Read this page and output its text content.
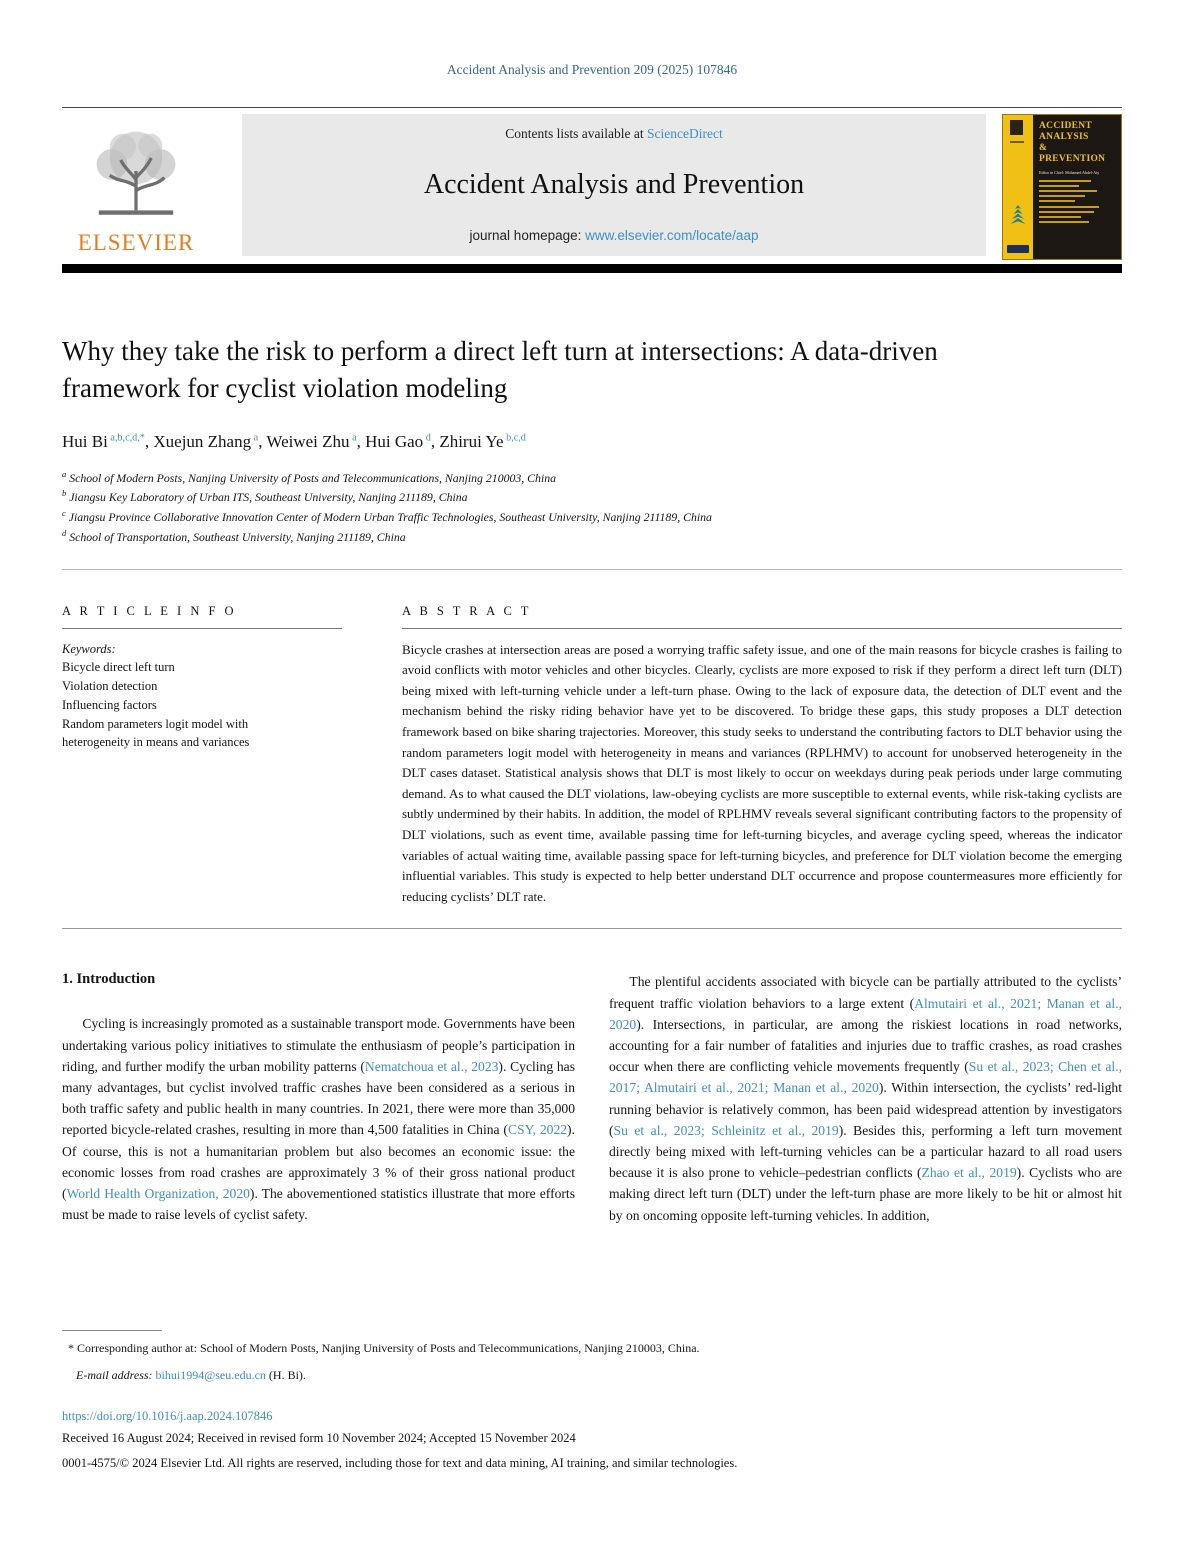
Accident Analysis and Prevention 209 (2025) 107846
ELSEVIER
Contents lists available at ScienceDirect
Accident Analysis and Prevention
journal homepage: www.elsevier.com/locate/aap
ACCIDENT
ANALYSIS
&
PREVENTION
Editor in Chief: Mohamed Abdel-Aty
Why they take the risk to perform a direct left turn at intersections: A data-driven framework for cyclist violation modeling
Hui Bi $^{a,b,c,d,*}$, Xuejun Zhang $^a$, Weiwei Zhu $^a$, Hui Gao $^d$, Zhirui Ye $^{b,c,d}$
$^a$ School of Modern Posts, Nanjing University of Posts and Telecommunications, Nanjing 210003, China
$^b$ Jiangsu Key Laboratory of Urban ITS, Southeast University, Nanjing 211189, China
$^c$ Jiangsu Province Collaborative Innovation Center of Modern Urban Traffic Technologies, Southeast University, Nanjing 211189, China
$^d$ School of Transportation, Southeast University, Nanjing 211189, China
A R T I C L E I N F O
Keywords:
Bicycle direct left turn
Violation detection
Influencing factors
Random parameters logit model with
heterogeneity in means and variances
A B S T R A C T
Bicycle crashes at intersection areas are posed a worrying traffic safety issue, and one of the main reasons for bicycle crashes is failing to avoid conflicts with motor vehicles and other bicycles. Clearly, cyclists are more exposed to risk if they perform a direct left turn (DLT) being mixed with left-turning vehicle under a left-turn phase. Owing to the lack of exposure data, the detection of DLT event and the mechanism behind the risky riding behavior have yet to be discovered. To bridge these gaps, this study proposes a DLT detection framework based on bike sharing trajectories. Moreover, this study seeks to understand the contributing factors to DLT behavior using the random parameters logit model with heterogeneity in means and variances (RPLHMV) to account for unobserved heterogeneity in the DLT cases dataset. Statistical analysis shows that DLT is most likely to occur on weekdays during peak periods under large commuting demand. As to what caused the DLT violations, law-obeying cyclists are more susceptible to external events, while risk-taking cyclists are subtly undermined by their habits. In addition, the model of RPLHMV reveals several significant contributing factors to the propensity of DLT violations, such as event time, available passing time for left-turning bicycles, and average cycling speed, whereas the indicator variables of actual waiting time, available passing space for left-turning bicycles, and preference for DLT violation become the emerging influential variables. This study is expected to help better understand DLT occurrence and propose countermeasures more efficiently for reducing cyclists’ DLT rate.
1. Introduction

Cycling is increasingly promoted as a sustainable transport mode. Governments have been undertaking various policy initiatives to stimulate the enthusiasm of people’s participation in riding, and further modify the urban mobility patterns (Nematchoua et al., 2023). Cycling has many advantages, but cyclist involved traffic crashes have been considered as a serious in both traffic safety and public health in many countries. In 2021, there were more than 35,000 reported bicycle-related crashes, resulting in more than 4,500 fatalities in China (CSY, 2022). Of course, this is not a humanitarian problem but also becomes an economic issue: the economic losses from road crashes are approximately 3 % of their gross national product (World Health Organization, 2020). The abovementioned statistics illustrate that more efforts must be made to raise levels of cyclist safety.

The plentiful accidents associated with bicycle can be partially attributed to the cyclists’ frequent traffic violation behaviors to a large extent (Almutairi et al., 2021; Manan et al., 2020). Intersections, in particular, are among the riskiest locations in road networks, accounting for a fair number of fatalities and injuries due to traffic crashes, as road crashes occur when there are conflicting vehicle movements frequently (Su et al., 2023; Chen et al., 2017; Almutairi et al., 2021; Manan et al., 2020). Within intersection, the cyclists’ red-light running behavior is relatively common, has been paid widespread attention by investigators (Su et al., 2023; Schleinitz et al., 2019). Besides this, performing a left turn movement directly being mixed with left-turning vehicles can be a particular hazard to all road users because it is also prone to vehicle–pedestrian conflicts (Zhao et al., 2019). Cyclists who are making direct left turn (DLT) under the left-turn phase are more likely to be hit or almost hit by on oncoming opposite left-turning vehicles. In addition,

* Corresponding author at: School of Modern Posts, Nanjing University of Posts and Telecommunications, Nanjing 210003, China.
E-mail address: bihui1994@seu.edu.cn (H. Bi).
https://doi.org/10.1016/j.aap.2024.107846
Received 16 August 2024; Received in revised form 10 November 2024; Accepted 15 November 2024
0001-4575/© 2024 Elsevier Ltd. All rights are reserved, including those for text and data mining, AI training, and similar technologies.
